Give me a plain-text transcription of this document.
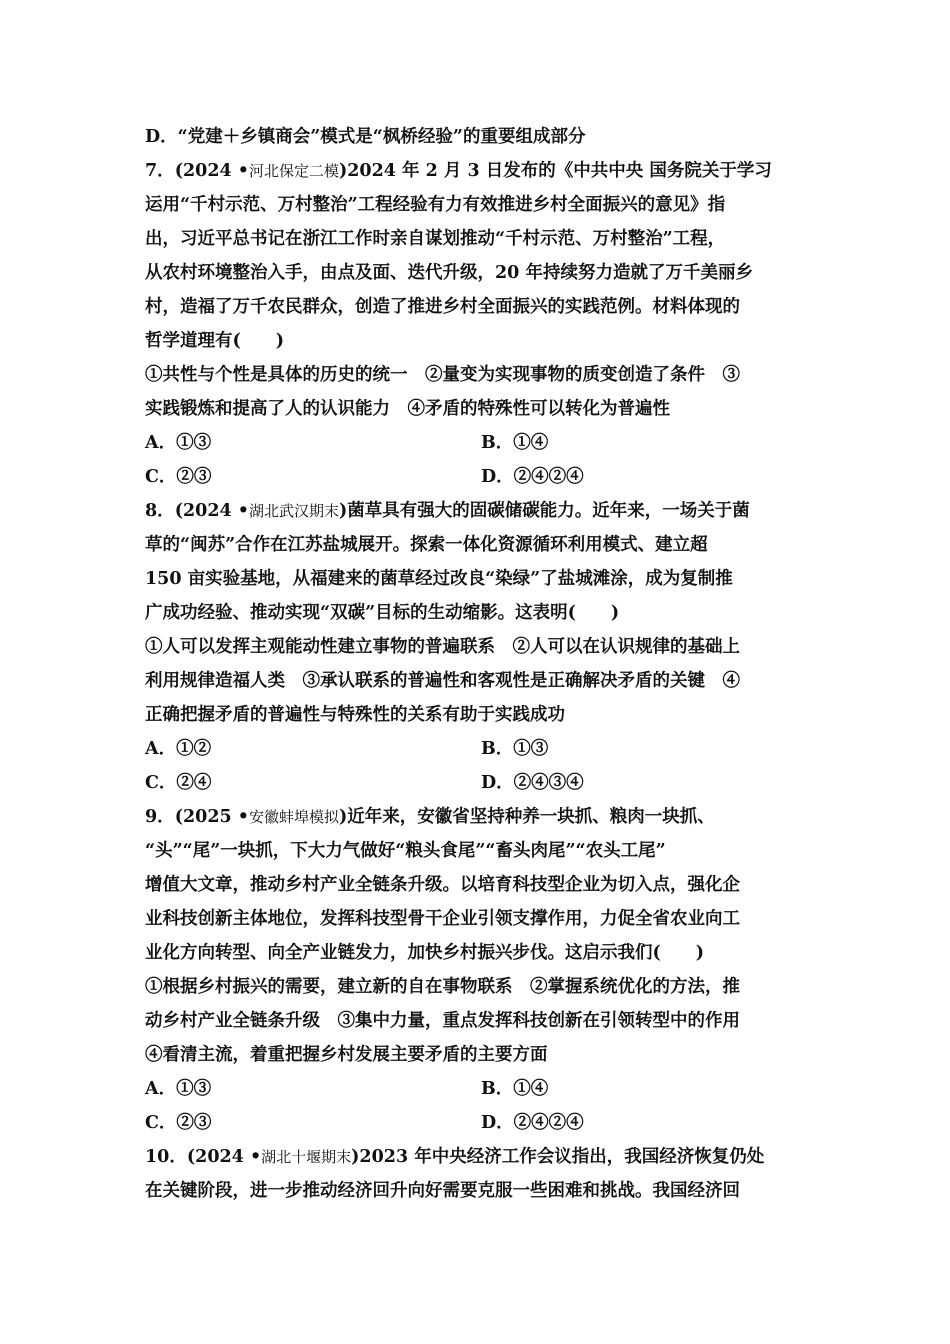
D．“党建＋乡镇商会”模式是“枫桥经验”的重要组成部分
7．(2024 •河北保定二模)2024 年 2 月 3 日发布的《中共中央 国务院关于学习
运用“千村示范、万村整治”工程经验有力有效推进乡村全面振兴的意见》指
出，习近平总书记在浙江工作时亲自谋划推动“千村示范、万村整治”工程，
从农村环境整治入手，由点及面、迭代升级，20 年持续努力造就了万千美丽乡
村，造福了万千农民群众，创造了推进乡村全面振兴的实践范例。材料体现的
哲学道理有(　　)
①共性与个性是具体的历史的统一　②量变为实现事物的质变创造了条件　③
实践锻炼和提高了人的认识能力　④矛盾的特殊性可以转化为普遍性
A．①③	B．①④
C．②③	D．②④②④
8．(2024 •湖北武汉期末)菌草具有强大的固碳储碳能力。近年来，一场关于菌
草的“闽苏”合作在江苏盐城展开。探索一体化资源循环利用模式、建立超
150 亩实验基地，从福建来的菌草经过改良“染绿”了盐城滩涂，成为复制推
广成功经验、推动实现“双碳”目标的生动缩影。这表明(　　)
①人可以发挥主观能动性建立事物的普遍联系　②人可以在认识规律的基础上
利用规律造福人类　③承认联系的普遍性和客观性是正确解决矛盾的关键　④
正确把握矛盾的普遍性与特殊性的关系有助于实践成功
A．①②	B．①③
C．②④	D．②④③④
9．(2025 •安徽蚌埠模拟)近年来，安徽省坚持种养一块抓、粮肉一块抓、
“头”“尾”一块抓，下大力气做好“粮头食尾”“畜头肉尾”“农头工尾”
增值大文章，推动乡村产业全链条升级。以培育科技型企业为切入点，强化企
业科技创新主体地位，发挥科技型骨干企业引领支撑作用，力促全省农业向工
业化方向转型、向全产业链发力，加快乡村振兴步伐。这启示我们(　　)
①根据乡村振兴的需要，建立新的自在事物联系　②掌握系统优化的方法，推
动乡村产业全链条升级　③集中力量，重点发挥科技创新在引领转型中的作用
④看清主流，着重把握乡村发展主要矛盾的主要方面
A．①③	B．①④
C．②③	D．②④②④
10．(2024 •湖北十堰期末)2023 年中央经济工作会议指出，我国经济恢复仍处
在关键阶段，进一步推动经济回升向好需要克服一些困难和挑战。我国经济回
